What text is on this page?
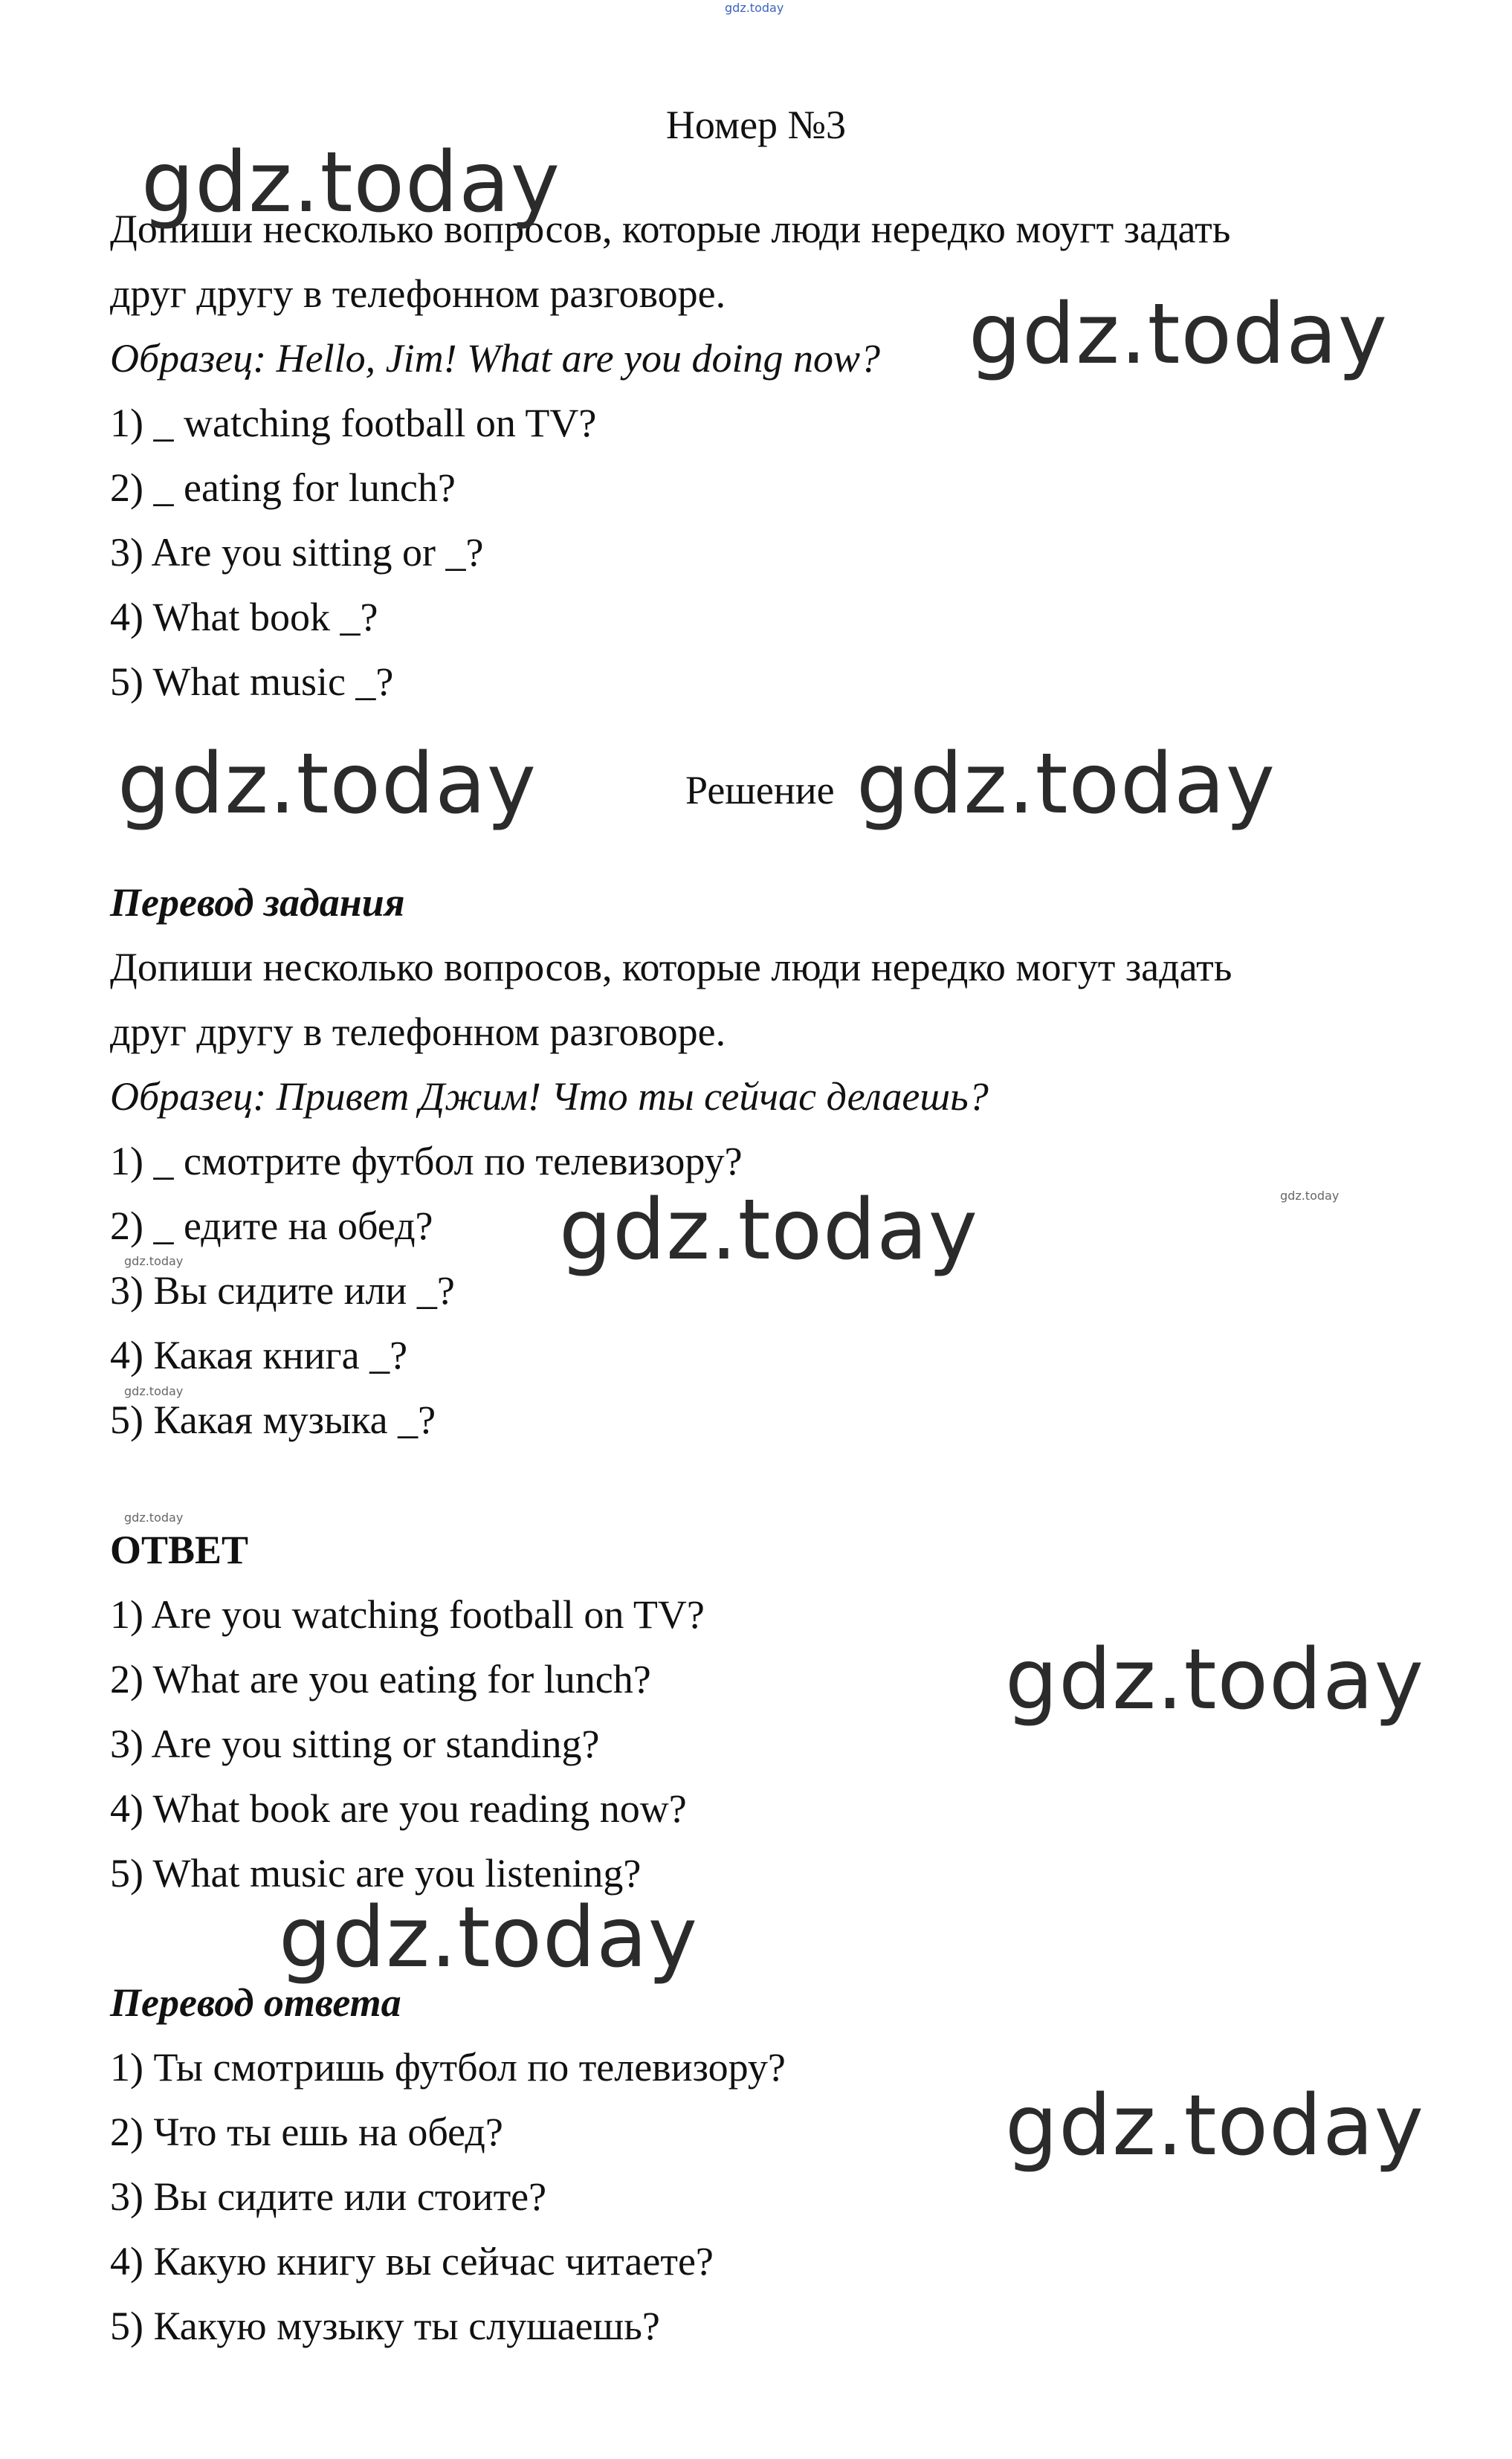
gdz.today
Номер №3
Допиши несколько вопросов, которые люди нередко моугт задать
друг другу в телефонном разговоре.
Образец: Hello, Jim! What are you doing now?
1) _ watching football on TV?
2) _ eating for lunch?
3) Are you sitting or _?
4) What book _?
5) What music _?
Решение
Перевод задания
Допиши несколько вопросов, которые люди нередко могут задать
друг другу в телефонном разговоре.
Образец: Привет Джим! Что ты сейчас делаешь?
1) _ смотрите футбол по телевизору?
2) _ едите на обед?
3) Вы сидите или _?
4) Какая книга _?
5) Какая музыка _?
ОТВЕТ
1) Are you watching football on TV?
2) What are you eating for lunch?
3) Are you sitting or standing?
4) What book are you reading now?
5) What music are you listening?
Перевод ответа
1) Ты смотришь футбол по телевизору?
2) Что ты ешь на обед?
3) Вы сидите или стоите?
4) Какую книгу вы сейчас читаете?
5) Какую музыку ты слушаешь?
gdz.today
gdz.today
gdz.today	gdz.today
gdz.today
gdz.today
gdz.today
gdz.today
gdz.today
gdz.today
gdz.today
gdz.today
